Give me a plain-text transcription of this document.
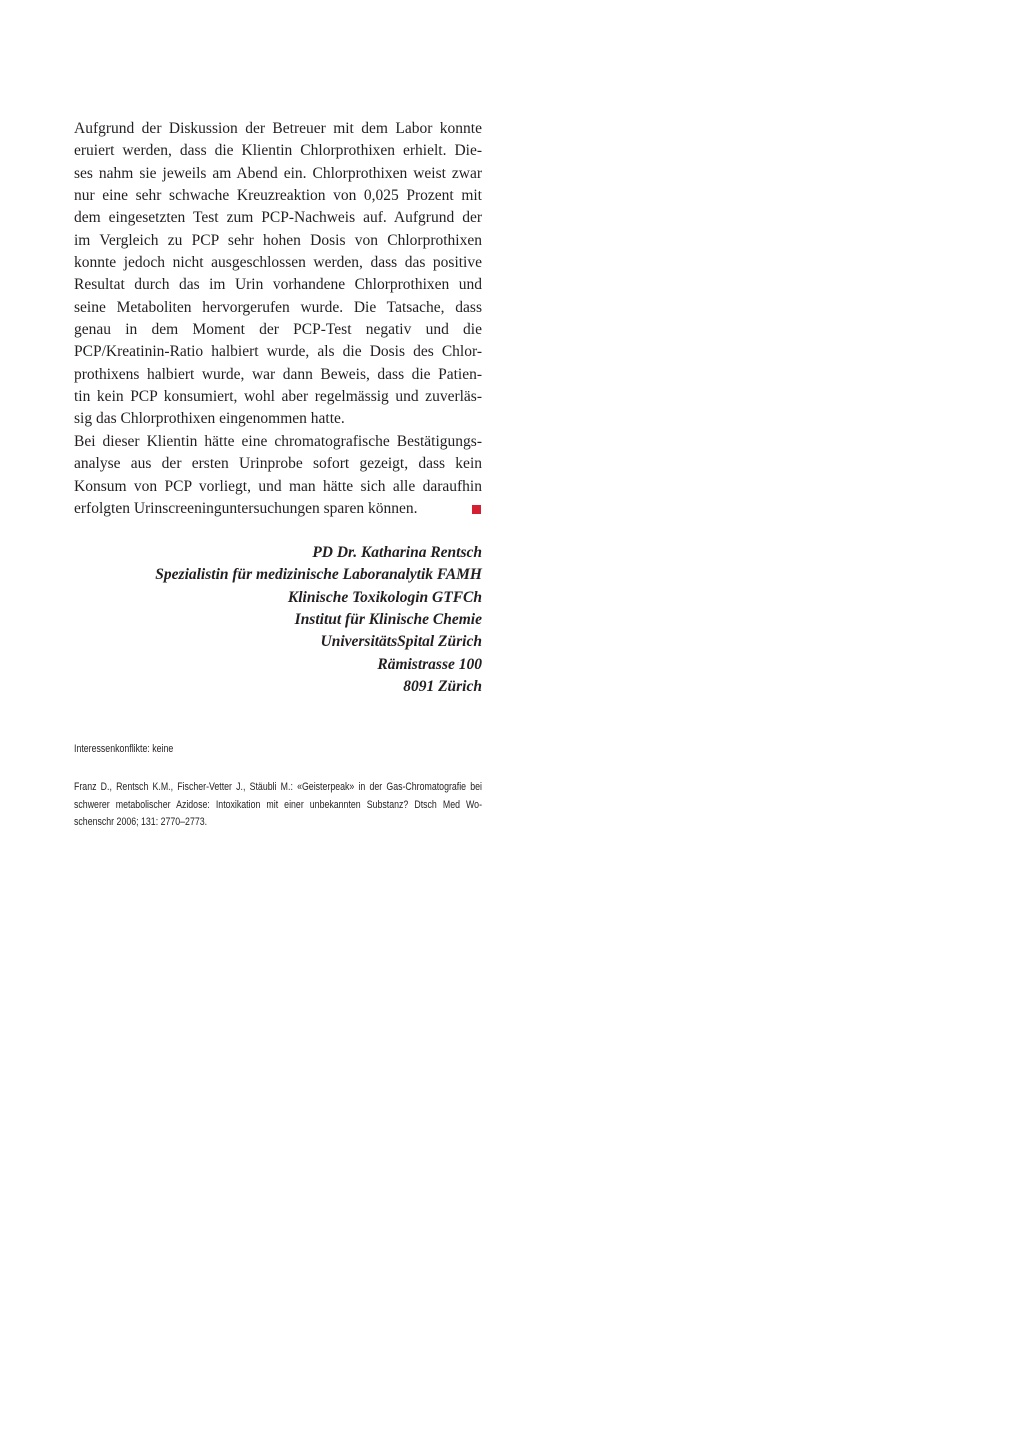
Aufgrund der Diskussion der Betreuer mit dem Labor konnte
eruiert werden, dass die Klientin Chlorprothixen erhielt. Die-
ses nahm sie jeweils am Abend ein. Chlorprothixen weist zwar
nur eine sehr schwache Kreuzreaktion von 0,025 Prozent mit
dem eingesetzten Test zum PCP-Nachweis auf. Aufgrund der
im Vergleich zu PCP sehr hohen Dosis von Chlorprothixen
konnte jedoch nicht ausgeschlossen werden, dass das positive
Resultat durch das im Urin vorhandene Chlorprothixen und
seine Metaboliten hervorgerufen wurde. Die Tatsache, dass
genau in dem Moment der PCP-Test negativ und die
PCP/Kreatinin-Ratio halbiert wurde, als die Dosis des Chlor-
prothixens halbiert wurde, war dann Beweis, dass die Patien-
tin kein PCP konsumiert, wohl aber regelmässig und zuverläs-
sig das Chlorprothixen eingenommen hatte.
Bei dieser Klientin hätte eine chromatografische Bestätigungs-
analyse aus der ersten Urinprobe sofort gezeigt, dass kein
Konsum von PCP vorliegt, und man hätte sich alle daraufhin
erfolgten Urinscreeninguntersuchungen sparen können.
PD Dr. Katharina Rentsch
Spezialistin für medizinische Laboranalytik FAMH
Klinische Toxikologin GTFCh
Institut für Klinische Chemie
UniversitätsSpital Zürich
Rämistrasse 100
8091 Zürich
Interessenkonflikte: keine
Franz D., Rentsch K.M., Fischer-Vetter J., Stäubli M.: «Geisterpeak» in der Gas-Chromatografie bei
schwerer metabolischer Azidose: Intoxikation mit einer unbekannten Substanz? Dtsch Med Wo-
schenschr 2006; 131: 2770–2773.
